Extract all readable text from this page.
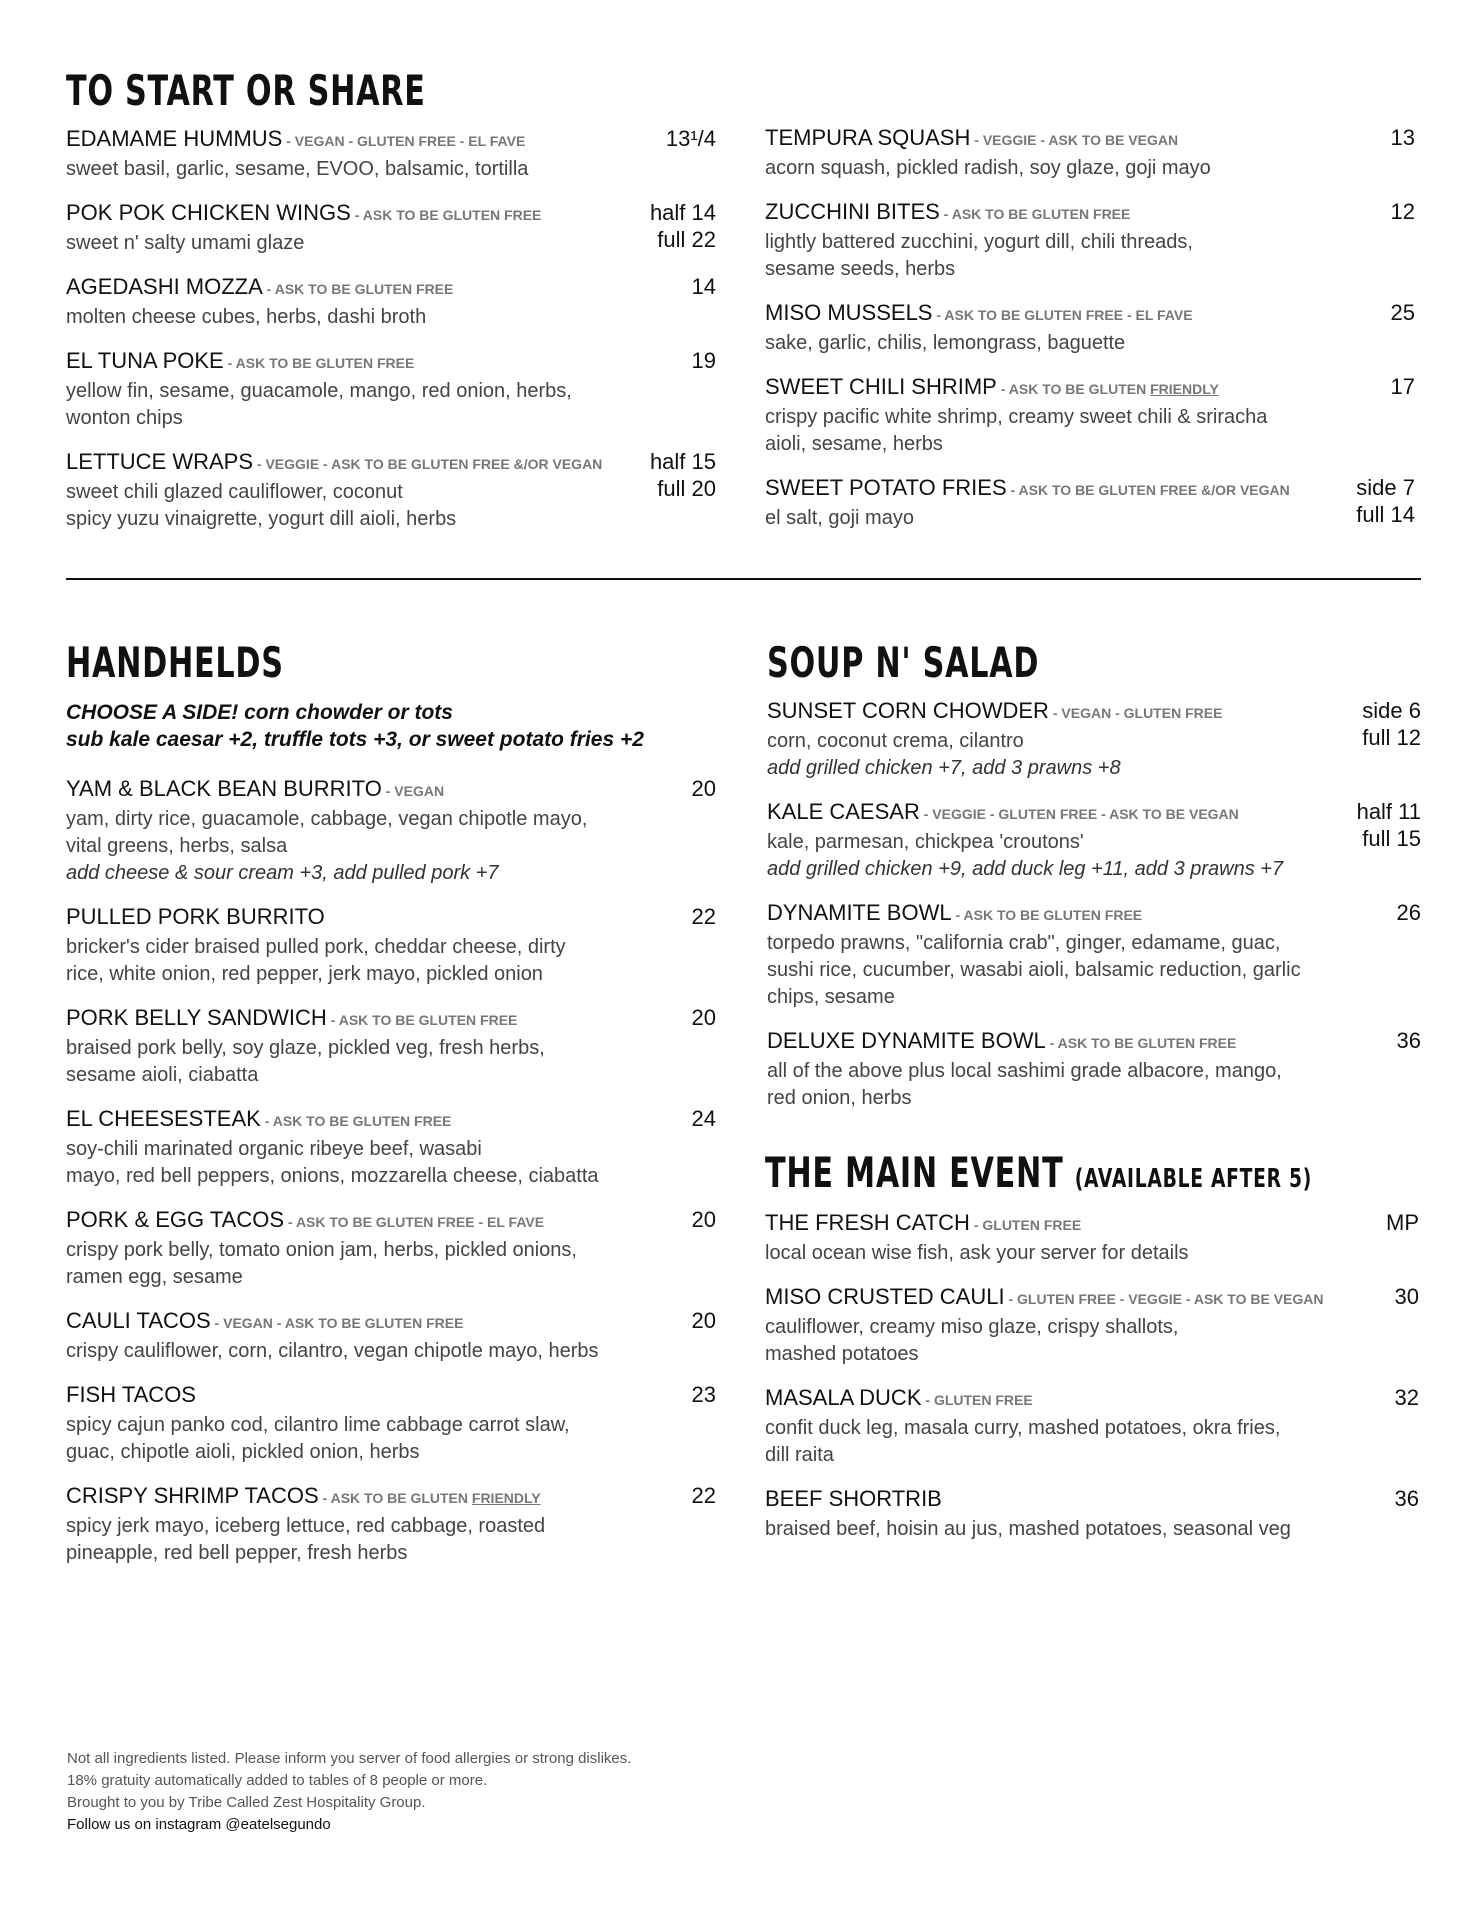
TO START OR SHARE
EDAMAME HUMMUS - VEGAN - GLUTEN FREE - EL FAVE
sweet basil, garlic, sesame, EVOO, balsamic, tortilla
13¹/4
POK POK CHICKEN WINGS - ASK TO BE GLUTEN FREE
sweet n' salty umami glaze
half 14
full 22
AGEDASHI MOZZA - ASK TO BE GLUTEN FREE
molten cheese cubes, herbs, dashi broth
14
EL TUNA POKE - ASK TO BE GLUTEN FREE
yellow fin, sesame, guacamole, mango, red onion, herbs,
wonton chips
19
LETTUCE WRAPS - VEGGIE - ASK TO BE GLUTEN FREE &/OR VEGAN
sweet chili glazed cauliflower, coconut
spicy yuzu vinaigrette, yogurt dill aioli, herbs
half 15
full 20
TEMPURA SQUASH - VEGGIE - ASK TO BE VEGAN
acorn squash, pickled radish, soy glaze, goji mayo
13
ZUCCHINI BITES - ASK TO BE GLUTEN FREE
lightly battered zucchini, yogurt dill, chili threads,
sesame seeds, herbs
12
MISO MUSSELS - ASK TO BE GLUTEN FREE - EL FAVE
sake, garlic, chilis, lemongrass, baguette
25
SWEET CHILI SHRIMP - ASK TO BE GLUTEN FRIENDLY
crispy pacific white shrimp, creamy sweet chili & sriracha
aioli, sesame, herbs
17
SWEET POTATO FRIES - ASK TO BE GLUTEN FREE &/OR VEGAN
el salt, goji mayo
side 7
full 14
HANDHELDS
CHOOSE A SIDE! corn chowder or tots
sub kale caesar +2, truffle tots +3, or sweet potato fries +2
YAM & BLACK BEAN BURRITO - VEGAN
yam, dirty rice, guacamole, cabbage, vegan chipotle mayo,
vital greens, herbs, salsa
add cheese & sour cream +3, add pulled pork +7
20
PULLED PORK BURRITO
bricker's cider braised pulled pork, cheddar cheese, dirty
rice, white onion, red pepper, jerk mayo, pickled onion
22
PORK BELLY SANDWICH - ASK TO BE GLUTEN FREE
braised pork belly, soy glaze, pickled veg, fresh herbs,
sesame aioli, ciabatta
20
EL CHEESESTEAK - ASK TO BE GLUTEN FREE
soy-chili marinated organic ribeye beef, wasabi
mayo, red bell peppers, onions, mozzarella cheese, ciabatta
24
PORK & EGG TACOS - ASK TO BE GLUTEN FREE - EL FAVE
crispy pork belly, tomato onion jam, herbs, pickled onions,
ramen egg, sesame
20
CAULI TACOS - VEGAN - ASK TO BE GLUTEN FREE
crispy cauliflower, corn, cilantro, vegan chipotle mayo, herbs
20
FISH TACOS
spicy cajun panko cod, cilantro lime cabbage carrot slaw,
guac, chipotle aioli, pickled onion, herbs
23
CRISPY SHRIMP TACOS - ASK TO BE GLUTEN FRIENDLY
spicy jerk mayo, iceberg lettuce, red cabbage, roasted
pineapple, red bell pepper, fresh herbs
22
SOUP N' SALAD
SUNSET CORN CHOWDER - VEGAN - GLUTEN FREE
corn, coconut crema, cilantro
add grilled chicken +7, add 3 prawns +8
side 6
full 12
KALE CAESAR - VEGGIE - GLUTEN FREE - ASK TO BE VEGAN
kale, parmesan, chickpea 'croutons'
add grilled chicken +9, add duck leg +11, add 3 prawns +7
half 11
full 15
DYNAMITE BOWL - ASK TO BE GLUTEN FREE
torpedo prawns, "california crab", ginger, edamame, guac,
sushi rice, cucumber, wasabi aioli, balsamic reduction, garlic
chips, sesame
26
DELUXE DYNAMITE BOWL - ASK TO BE GLUTEN FREE
all of the above plus local sashimi grade albacore, mango,
red onion, herbs
36
THE MAIN EVENT (AVAILABLE AFTER 5)
THE FRESH CATCH - GLUTEN FREE
local ocean wise fish, ask your server for details
MP
MISO CRUSTED CAULI - GLUTEN FREE - VEGGIE - ASK TO BE VEGAN
cauliflower, creamy miso glaze, crispy shallots,
mashed potatoes
30
MASALA DUCK - GLUTEN FREE
confit duck leg, masala curry, mashed potatoes, okra fries,
dill raita
32
BEEF SHORTRIB
braised beef, hoisin au jus, mashed potatoes, seasonal veg
36
Not all ingredients listed. Please inform you server of food allergies or strong dislikes.
18% gratuity automatically added to tables of 8 people or more.
Brought to you by Tribe Called Zest Hospitality Group.
Follow us on instagram @eatelsegundo
